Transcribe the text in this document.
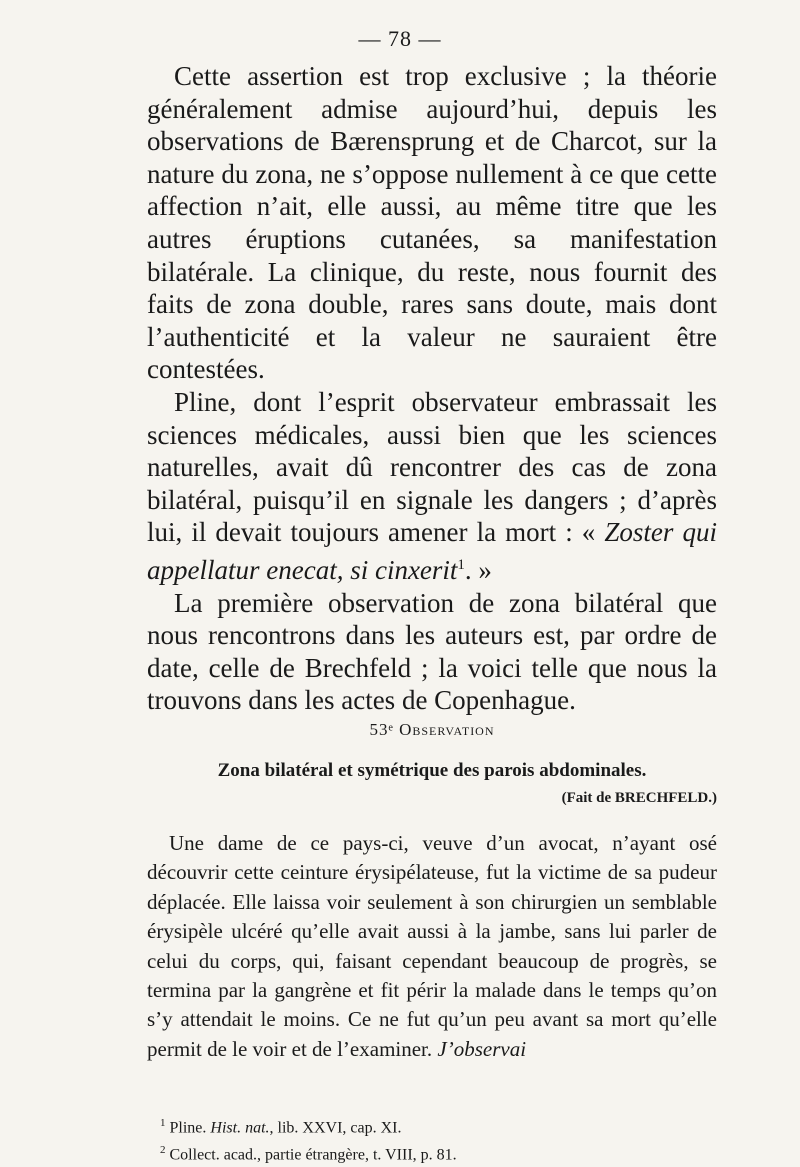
— 78 —

Cette assertion est trop exclusive ; la théorie généralement admise aujourd’hui, depuis les observations de Bærensprung et de Charcot, sur la nature du zona, ne s’oppose nullement à ce que cette affection n’ait, elle aussi, au même titre que les autres éruptions cutanées, sa manifestation bilatérale. La clinique, du reste, nous fournit des faits de zona double, rares sans doute, mais dont l’authenticité et la valeur ne sauraient être contestées.

Pline, dont l’esprit observateur embrassait les sciences médicales, aussi bien que les sciences naturelles, avait dû rencontrer des cas de zona bilatéral, puisqu’il en signale les dangers ; d’après lui, il devait toujours amener la mort : « Zoster qui appellatur enecat, si cinxerit$^1$. »

La première observation de zona bilatéral que nous rencontrons dans les auteurs est, par ordre de date, celle de Brechfeld ; la voici telle que nous la trouvons dans les actes de Copenhague.

53ᵉ Observation
Zona bilatéral et symétrique des parois abdominales.
(Fait de BRECHFELD.)

Une dame de ce pays-ci, veuve d’un avocat, n’ayant osé découvrir cette ceinture érysipélateuse, fut la victime de sa pudeur déplacée. Elle laissa voir seulement à son chirurgien un semblable érysipèle ulcéré qu’elle avait aussi à la jambe, sans lui parler de celui du corps, qui, faisant cependant beaucoup de progrès, se termina par la gangrène et fit périr la malade dans le temps qu’on s’y attendait le moins. Ce ne fut qu’un peu avant sa mort qu’elle permit de le voir et de l’examiner. J’observai

$^1$ Pline. Hist. nat., lib. XXVI, cap. XI.

$^2$ Collect. acad., partie étrangère, t. VIII, p. 81.
